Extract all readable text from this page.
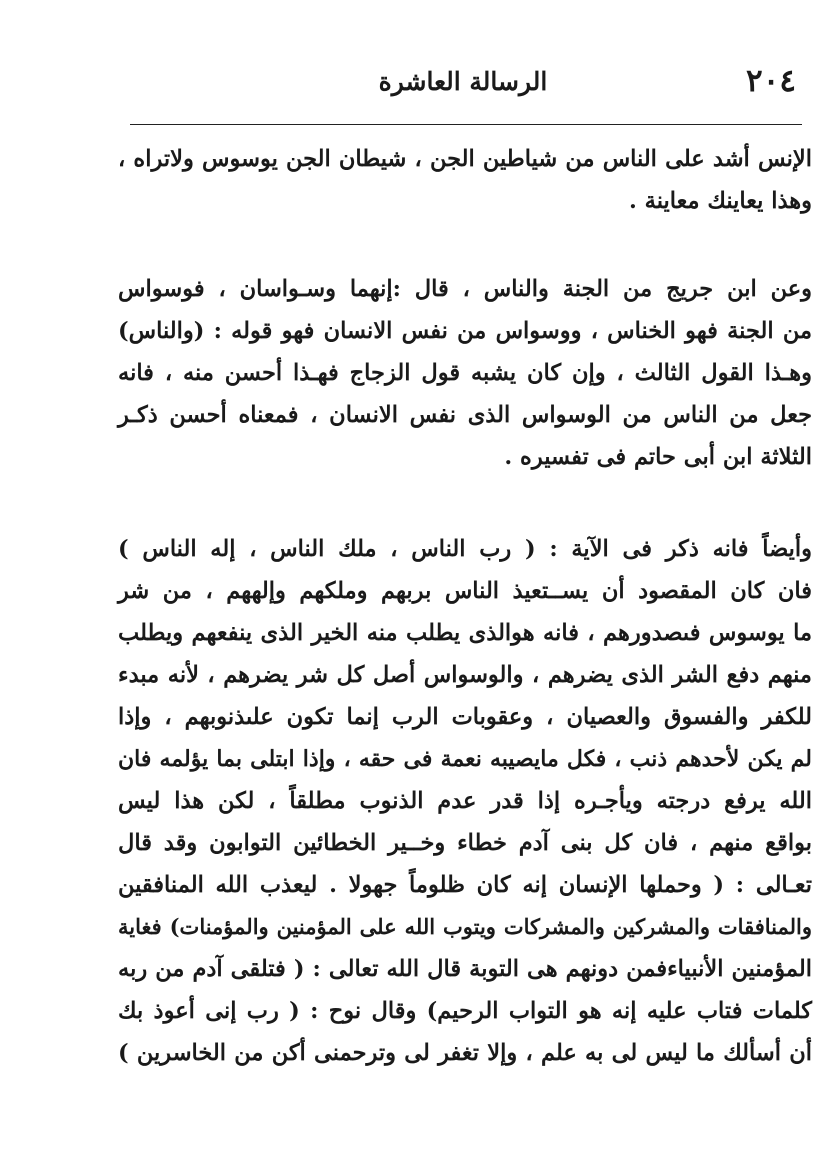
٢٠٤
الرسالة العاشرة

الإنس أشد على الناس من شياطين الجن ، شيطان الجن يوسوس ولاتراه ،
وهذا يعاينك معاينة .

وعن ابن جريج من الجنة والناس ، قال :إنهما وسـواسان ، فوسواس
من الجنة فهو الخناس ، ووسواس من نفس الانسان فهو قوله : (والناس)
وهـذا القول الثالث ، وإن كان يشبه قول الزجاج فهـذا أحسن منه ، فانه
جعل من الناس من الوسواس الذى نفس الانسان ، فمعناه أحسن ذكـر
الثلاثة ابن أبى حاتم فى تفسيره .

وأيضاً فانه ذكر فى الآية : ( رب الناس ، ملك الناس ، إله الناس )
فان كان المقصود أن يســتعيذ الناس بربهم وملكهم وإلههم ، من شر
ما يوسوس فىصدورهم ، فانه هوالذى يطلب منه الخير الذى ينفعهم ويطلب
منهم دفع الشر الذى يضرهم ، والوسواس أصل كل شر يضرهم ، لأنه مبدء
للكفر والفسوق والعصيان ، وعقوبات الرب إنما تكون علىذنوبهم ، وإذا
لم يكن لأحدهم ذنب ، فكل مايصيبه نعمة فى حقه ، وإذا ابتلى بما يؤلمه فان
الله يرفع درجته ويأجـره إذا قدر عدم الذنوب مطلقاً ، لكن هذا ليس
بواقع منهم ، فان كل بنى آدم خطاء وخــير الخطائين التوابون وقد قال
تعـالى : ( وحملها الإنسان إنه كان ظلوماً جهولا . ليعذب الله المنافقين
والمنافقات والمشركين والمشركات ويتوب الله على المؤمنين والمؤمنات) فغاية
المؤمنين الأنبياءفمن دونهم هى التوبة قال الله تعالى : ( فتلقى آدم من ربه
كلمات فتاب عليه إنه هو التواب الرحيم) وقال نوح : ( رب إنى أعوذ بك
أن أسألك ما ليس لى به علم ، وإلا تغفر لى وترحمنى أكن من الخاسرين )
